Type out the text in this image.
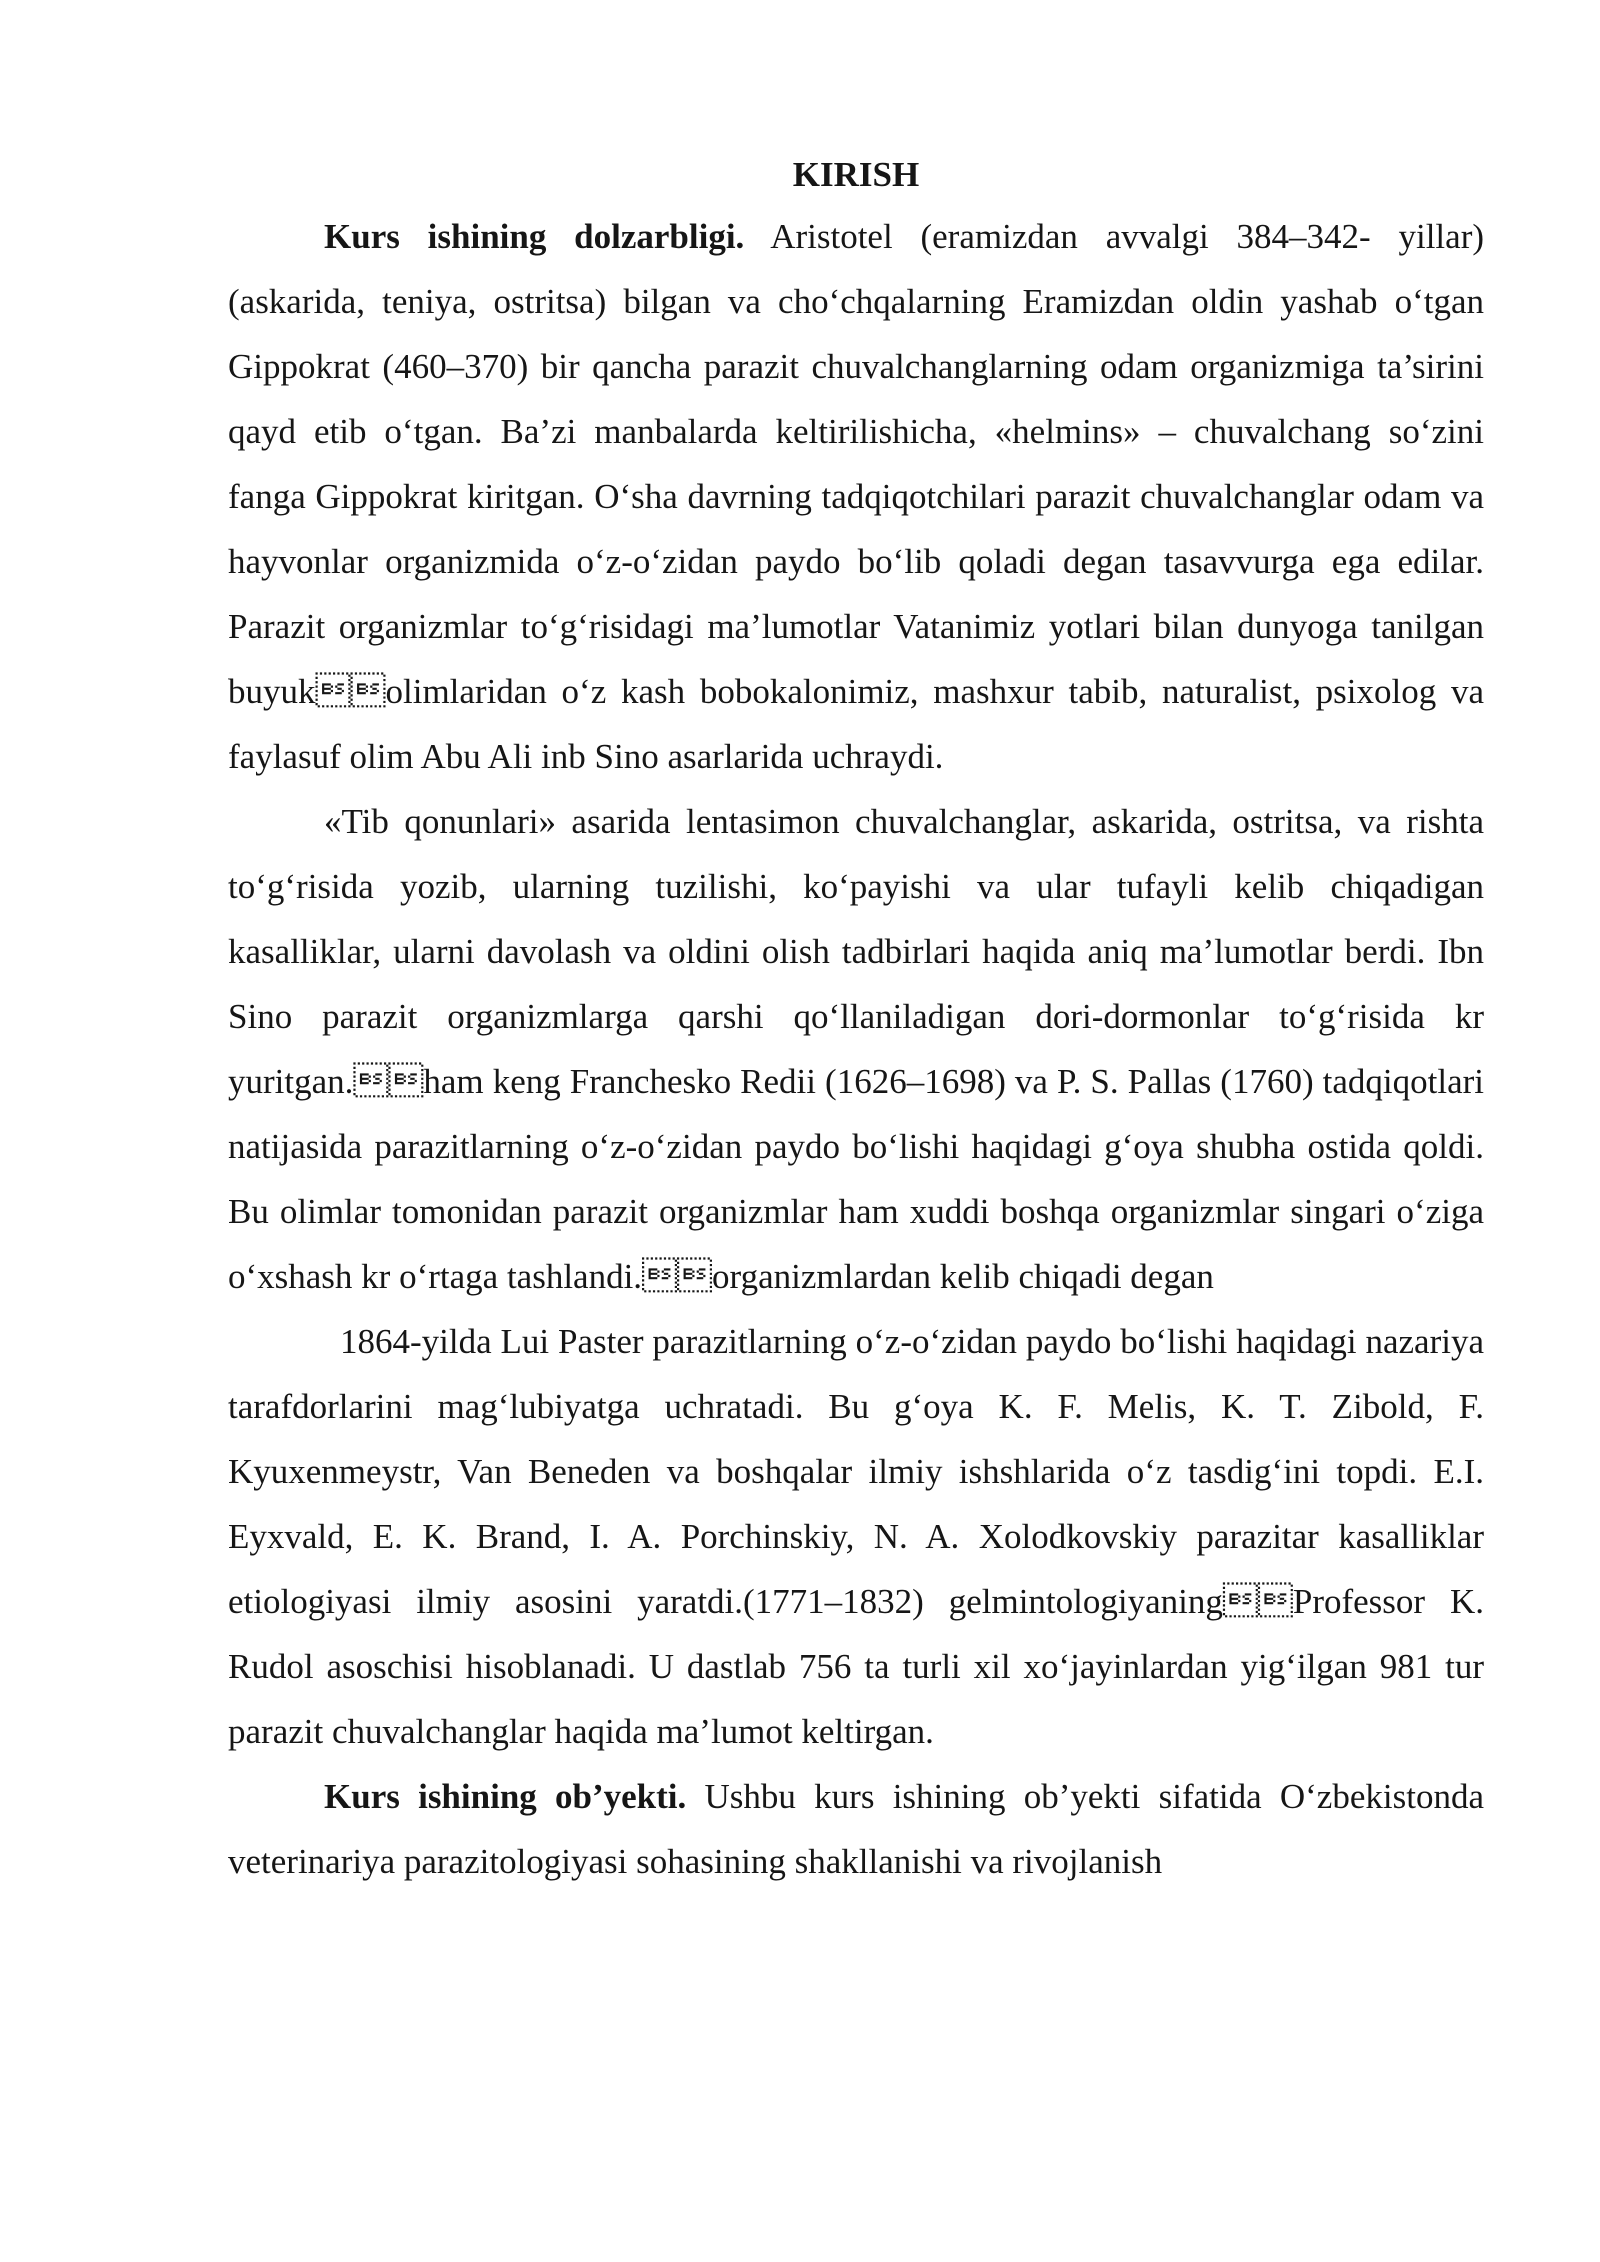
KIRISH

Kurs ishining dolzarbligi. Aristotel (eramizdan avvalgi 384–342- yillar) (askarida, teniya, ostritsa) bilgan va cho‘chqalarning Eramizdan oldin yashab o‘tgan Gippokrat (460–370) bir qancha parazit chuvalchanglarning odam organizmiga ta’sirini qayd etib o‘tgan. Ba’zi manbalarda keltirilishicha, «helmins» – chuvalchang so‘zini fanga Gippokrat kiritgan. O‘sha davrning tadqiqotchilari parazit chuvalchanglar odam va hayvonlar organizmida o‘z-o‘zidan paydo bo‘lib qoladi degan tasavvurga ega edilar. Parazit organizmlar to‘g‘risidagi ma’lumotlar Vatanimiz yotlari bilan dunyoga tanilgan buyukolimlaridan o‘z kash bobokalonimiz, mashxur tabib, naturalist, psixolog va faylasuf olim Abu Ali inb Sino asarlarida uchraydi.

«Tib qonunlari» asarida lentasimon chuvalchanglar, askarida, ostritsa, va rishta to‘g‘risida yozib, ularning tuzilishi, ko‘payishi va ular tufayli kelib chiqadigan kasalliklar, ularni davolash va oldini olish tadbirlari haqida aniq ma’lumotlar berdi. Ibn Sino parazit organizmlarga qarshi qo‘llaniladigan dori-dormonlar to‘g‘risida kr yuritgan.ham keng Franchesko Redii (1626–1698) va P. S. Pallas (1760) tadqiqotlari natijasida parazitlarning o‘z-o‘zidan paydo bo‘lishi haqidagi g‘oya shubha ostida qoldi. Bu olimlar tomonidan parazit organizmlar ham xuddi boshqa organizmlar singari o‘ziga o‘xshash kr o‘rtaga tashlandi.organizmlardan kelib chiqadi degan

1864-yilda Lui Paster parazitlarning o‘z-o‘zidan paydo bo‘lishi haqidagi nazariya tarafdorlarini mag‘lubiyatga uchratadi. Bu g‘oya K. F. Melis, K. T. Zibold, F. Kyuxenmeystr, Van Beneden va boshqalar ilmiy ishshlarida o‘z tasdig‘ini topdi. E.I. Eyxvald, E. K. Brand, I. A. Porchinskiy, N. A. Xolodkovskiy parazitar kasalliklar etiologiyasi ilmiy asosini yaratdi.(1771–1832) gelmintologiyaningProfessor K. Rudol asoschisi hisoblanadi. U dastlab 756 ta turli xil xo‘jayinlardan yig‘ilgan 981 tur parazit chuvalchanglar haqida ma’lumot keltirgan.

Kurs ishining ob’yekti. Ushbu kurs ishining ob’yekti sifatida O‘zbekistonda veterinariya parazitologiyasi sohasining shakllanishi va rivojlanish
